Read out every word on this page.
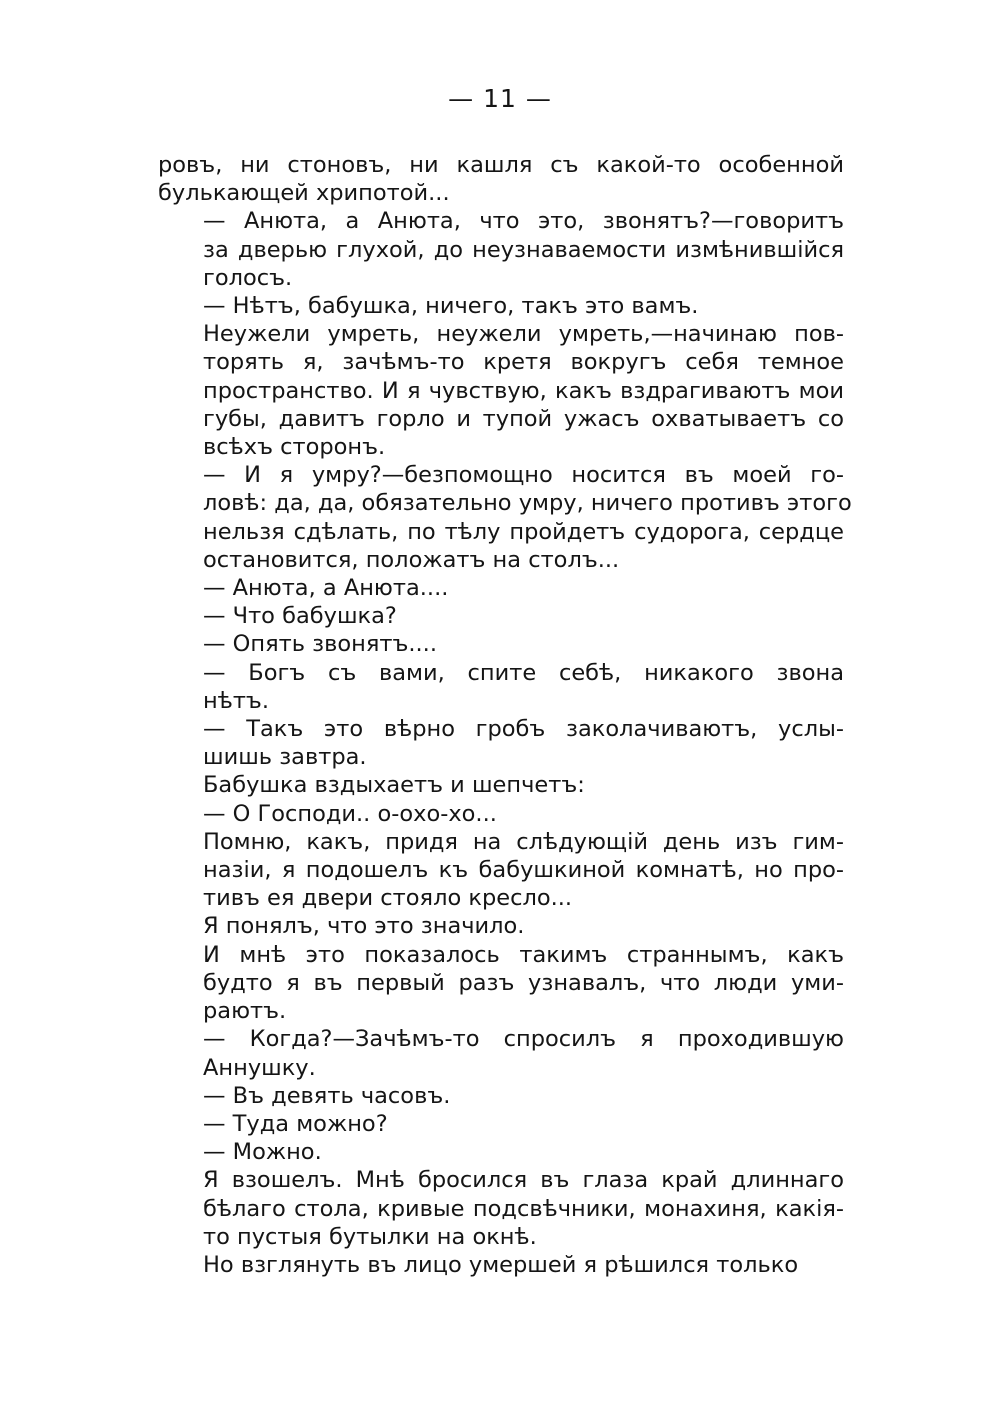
— 11 —
ровъ, ни стоновъ, ни кашля съ какой-то особенной
булькающей хрипотой...
— Анюта, а Анюта, что это, звонятъ?—говоритъ
за дверью глухой, до неузнаваемости измѣнившiйся
голосъ.
— Нѣтъ, бабушка, ничего, такъ это вамъ.
Неужели умреть, неужели умреть,—начинаю пов-
торять я, зачѣмъ-то кретя вокругъ себя темное
пространство. И я чувствую, какъ вздрагиваютъ мои
губы, давитъ горло и тупой ужасъ охватываетъ со
всѣхъ сторонъ.
— И я умру?—безпомощно носится въ моей го-
ловѣ: да, да, обязательно умру, ничего противъ этого
нельзя сдѣлать, по тѣлу пройдетъ судорога, сердце
остановится, положатъ на столъ...
— Анюта, а Анюта....
— Что бабушка?
— Опять звонятъ....
— Богъ съ вами, спите себѣ, никакого звона
нѣтъ.
— Такъ это вѣрно гробъ заколачиваютъ, услы-
шишь завтра.
Бабушка вздыхаетъ и шепчетъ:
— О Господи.. о-охо-хо...
Помню, какъ, придя на слѣдующiй день изъ гим-
назiи, я подошелъ къ бабушкиной комнатѣ, но про-
тивъ ея двери стояло кресло...
Я понялъ, что это значило.
И мнѣ это показалось такимъ страннымъ, какъ
будто я въ первый разъ узнавалъ, что люди уми-
раютъ.
— Когда?—Зачѣмъ-то спросилъ я проходившую
Аннушку.
— Въ девять часовъ.
— Туда можно?
— Можно.
Я взошелъ. Мнѣ бросился въ глаза край длиннаго
бѣлаго стола, кривые подсвѣчники, монахиня, какiя-
то пустыя бутылки на окнѣ.
Но взглянуть въ лицо умершей я рѣшился только
